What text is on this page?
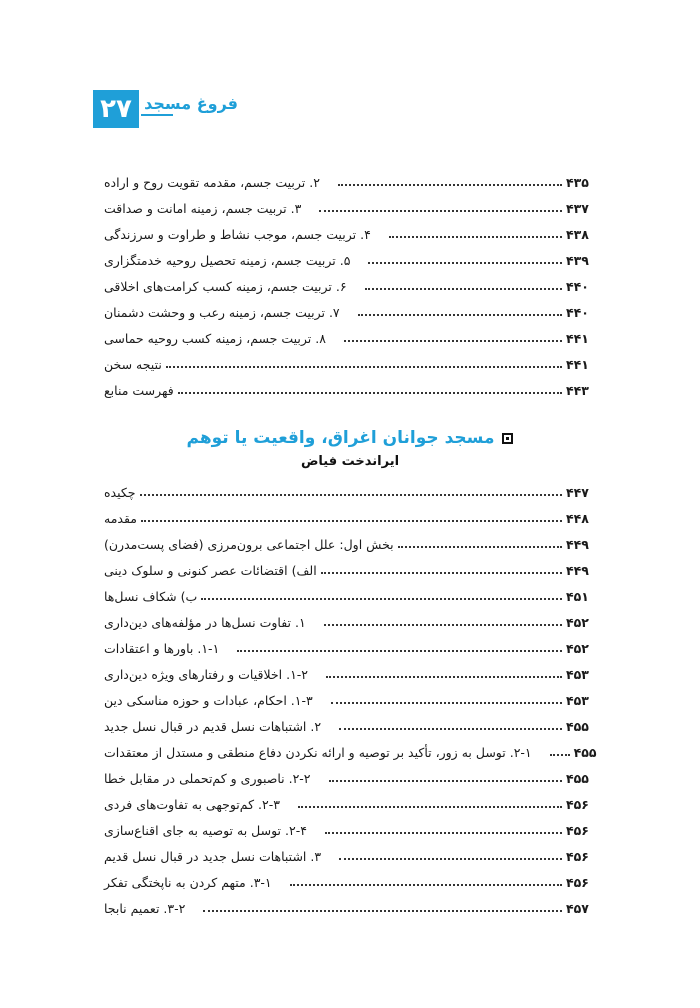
۲۷ فروغ مسجد
۲. تربیت جسم، مقدمه تقویت روح و اراده	۴۳۵
۳. تربیت جسم، زمینه امانت و صداقت	۴۳۷
۴. تربیت جسم، موجب نشاط و طراوت و سرزندگی	۴۳۸
۵. تربیت جسم، زمینه تحصیل روحیه خدمتگزاری	۴۳۹
۶. تربیت جسم، زمینه کسب کرامت‌های اخلاقی	۴۴۰
۷. تربیت جسم، زمینه رعب و وحشت دشمنان	۴۴۰
۸. تربیت جسم، زمینه کسب روحیه حماسی	۴۴۱
نتیجه سخن	۴۴۱
فهرست منابع	۴۴۳
مسجد جوانان اغراق، واقعیت یا توهم
ایراندخت فیاض
چکیده	۴۴۷
مقدمه	۴۴۸
بخش اول: علل اجتماعی برون‌مرزی (فضای پست‌مدرن)	۴۴۹
الف) اقتضائات عصر کنونی و سلوک دینی	۴۴۹
ب) شکاف نسل‌ها	۴۵۱
۱. تفاوت نسل‌ها در مؤلفه‌های دین‌داری	۴۵۲
۱-۱. باورها و اعتقادات	۴۵۲
۱-۲. اخلاقیات و رفتارهای ویژه دین‌داری	۴۵۳
۱-۳. احکام، عبادات و حوزه مناسکی دین	۴۵۳
۲. اشتباهات نسل قدیم در قبال نسل جدید	۴۵۵
۲-۱. توسل به زور، تأکید بر توصیه و ارائه نکردن دفاع منطقی و مستدل از معتقدات	۴۵۵
۲-۲. ناصبوری و کم‌تحملی در مقابل خطا	۴۵۵
۲-۳. کم‌توجهی به تفاوت‌های فردی	۴۵۶
۲-۴. توسل به توصیه به جای اقناع‌سازی	۴۵۶
۳. اشتباهات نسل جدید در قبال نسل قدیم	۴۵۶
۳-۱. متهم کردن به ناپختگی تفکر	۴۵۶
۳-۲. تعمیم نابجا	۴۵۷
